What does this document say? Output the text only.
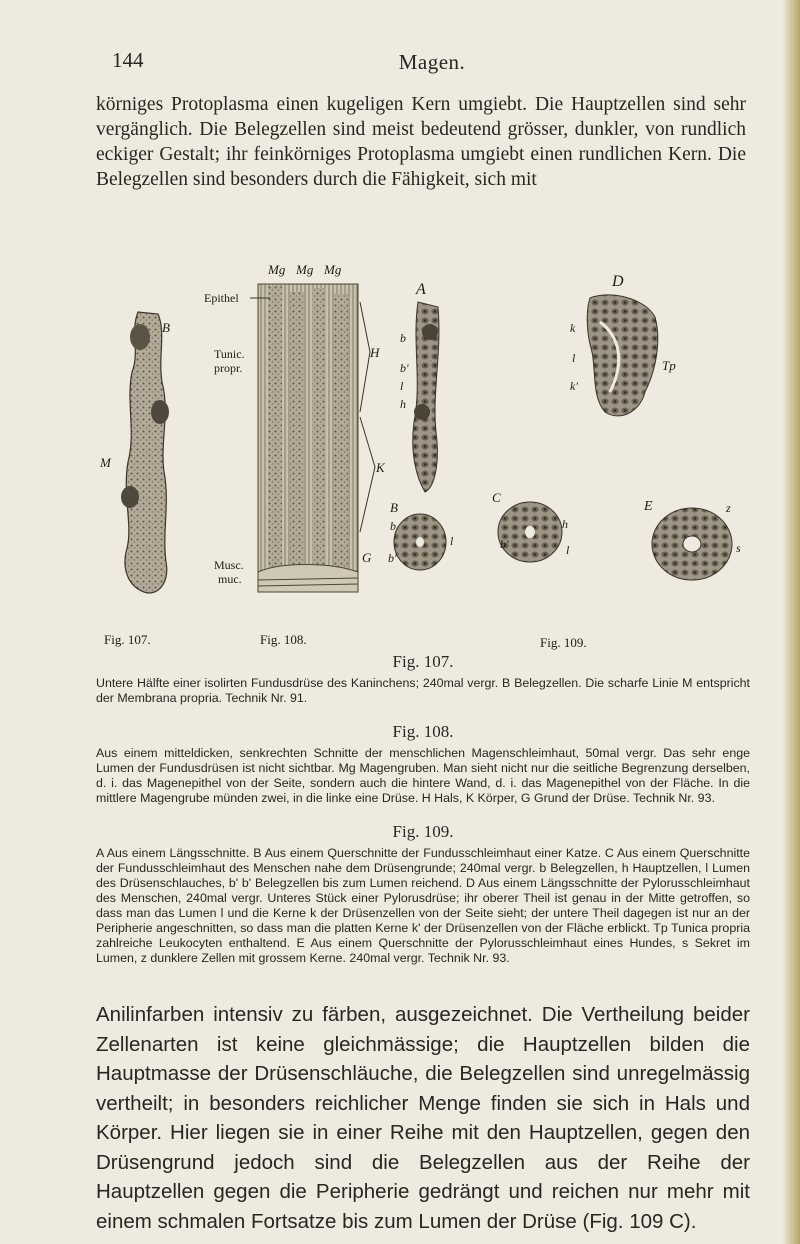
144	Magen.

körniges Protoplasma einen kugeligen Kern umgiebt. Die Hauptzellen sind sehr vergänglich. Die Belegzellen sind meist bedeutend grösser, dunkler, von rundlich eckiger Gestalt; ihr feinkörniges Protoplasma umgiebt einen rundlichen Kern. Die Belegzellen sind besonders durch die Fähigkeit, sich mit

B
M
Mg Mg Mg
Epithel
Tunic.
propr.
Musc.
muc.
H
K
G
A
b
b'
l
h
B
b
b'
l
C
b'
h
l
D
k
l
k'
Tp
E	z
s
Fig. 107.	Fig. 108.	Fig. 109.

Fig. 107.

Untere Hälfte einer isolirten Fundusdrüse des Kaninchens; 240mal vergr. B Belegzellen. Die scharfe Linie M entspricht der Membrana propria. Technik Nr. 91.

Fig. 108.

Aus einem mitteldicken, senkrechten Schnitte der menschlichen Magenschleimhaut, 50mal vergr. Das sehr enge Lumen der Fundusdrüsen ist nicht sichtbar. Mg Magengruben. Man sieht nicht nur die seitliche Begrenzung derselben, d. i. das Magenepithel von der Seite, sondern auch die hintere Wand, d. i. das Magenepithel von der Fläche. In die mittlere Magengrube münden zwei, in die linke eine Drüse. H Hals, K Körper, G Grund der Drüse. Technik Nr. 93.

Fig. 109.

A Aus einem Längsschnitte. B Aus einem Querschnitte der Fundusschleimhaut einer Katze. C Aus einem Querschnitte der Fundusschleimhaut des Menschen nahe dem Drüsengrunde; 240mal vergr. b Belegzellen, h Hauptzellen, l Lumen des Drüsenschlauches, b' b' Belegzellen bis zum Lumen reichend. D Aus einem Längsschnitte der Pylorusschleimhaut des Menschen, 240mal vergr. Unteres Stück einer Pylorusdrüse; ihr oberer Theil ist genau in der Mitte getroffen, so dass man das Lumen l und die Kerne k der Drüsenzellen von der Seite sieht; der untere Theil dagegen ist nur an der Peripherie angeschnitten, so dass man die platten Kerne k' der Drüsenzellen von der Fläche erblickt. Tp Tunica propria zahlreiche Leukocyten enthaltend. E Aus einem Querschnitte der Pylorusschleimhaut eines Hundes, s Sekret im Lumen, z dunklere Zellen mit grossem Kerne. 240mal vergr. Technik Nr. 93.

Anilinfarben intensiv zu färben, ausgezeichnet. Die Vertheilung beider Zellenarten ist keine gleichmässige; die Hauptzellen bilden die Hauptmasse der Drüsenschläuche, die Belegzellen sind unregelmässig vertheilt; in besonders reichlicher Menge finden sie sich in Hals und Körper. Hier liegen sie in einer Reihe mit den Hauptzellen, gegen den Drüsengrund jedoch sind die Belegzellen aus der Reihe der Hauptzellen gegen die Peripherie gedrängt und reichen nur mehr mit einem schmalen Fortsatze bis zum Lumen der Drüse (Fig. 109 C).
